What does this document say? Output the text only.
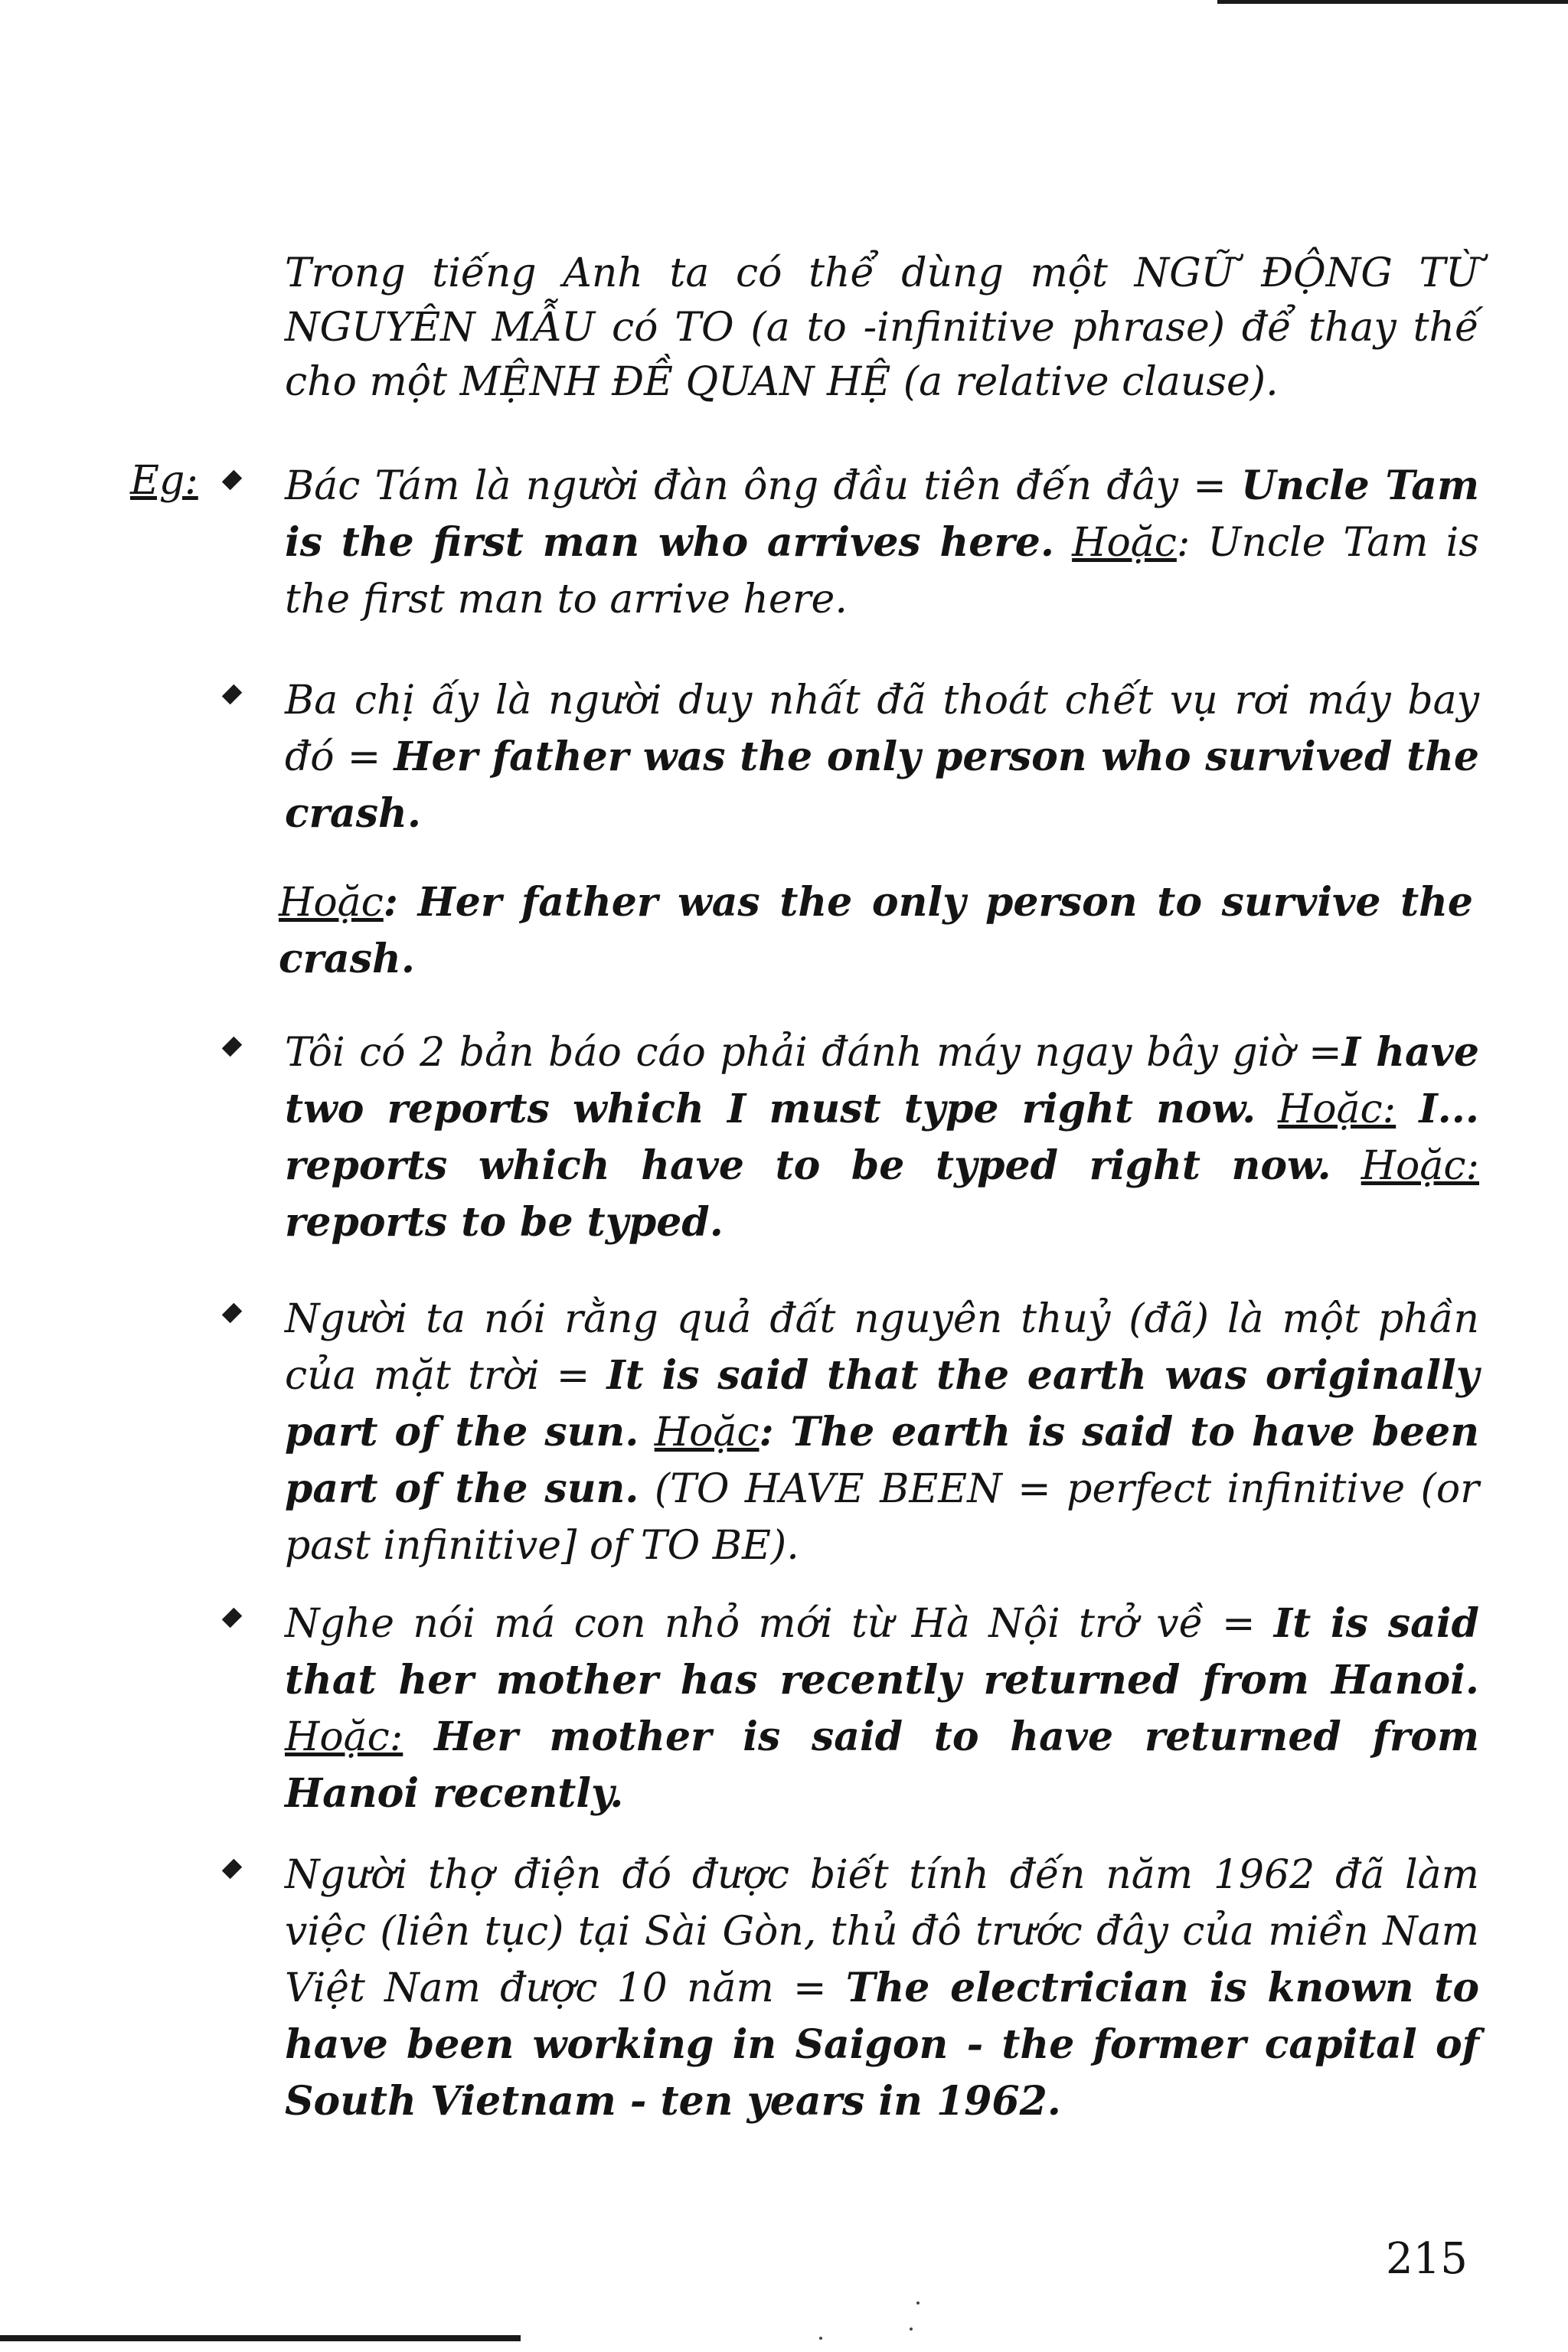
Trong tiếng Anh ta có thể dùng một NGỮ ĐỘNG TỪ NGUYÊN MẪU có TO (a to -infinitive phrase) để thay thế cho một MỆNH ĐỀ QUAN HỆ (a relative clause).
Eg: Bác Tám là người đàn ông đầu tiên đến đây = Uncle Tam is the first man who arrives here. Hoặc: Uncle Tam is the first man to arrive here.
Ba chị ấy là người duy nhất đã thoát chết vụ rơi máy bay đó = Her father was the only person who survived the crash.
Hoặc: Her father was the only person to survive the crash.
Tôi có 2 bản báo cáo phải đánh máy ngay bây giờ =I have two reports which I must type right now. Hoặc: I... reports which have to be typed right now. Hoặc: reports to be typed.
Người ta nói rằng quả đất nguyên thuỷ (đã) là một phần của mặt trời = It is said that the earth was originally part of the sun. Hoặc: The earth is said to have been part of the sun. (TO HAVE BEEN = perfect infinitive (or past infinitive] of TO BE).
Nghe nói má con nhỏ mới từ Hà Nội trở về = It is said that her mother has recently returned from Hanoi. Hoặc: Her mother is said to have returned from Hanoi recently.
Người thợ điện đó được biết tính đến năm 1962 đã làm việc (liên tục) tại Sài Gòn, thủ đô trước đây của miền Nam Việt Nam được 10 năm = The electrician is known to have been working in Saigon - the former capital of South Vietnam - ten years in 1962.
215
